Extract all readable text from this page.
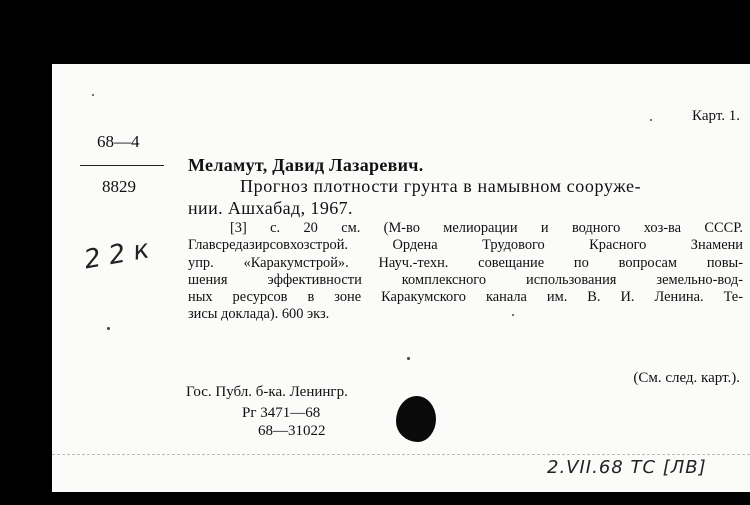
Карт. 1.
68—4
8829
Меламут, Давид Лазаревич.
Прогноз плотности грунта в намывном сооруже-
нии. Ашхабад, 1967.
[3] с. 20 см. (М-во мелиорации и водного хоз-ва СССР.
Главсредазирсовхозстрой. Ордена Трудового Красного Знамени
упр. «Каракумстрой». Науч.-техн. совещание по вопросам повы-
шения эффективности комплексного использования земельно-вод-
ных ресурсов в зоне Каракумского канала им. В. И. Ленина. Те-
зисы доклада). 600 экз.
(См. след. карт.).
Гос. Публ. б-ка. Ленингр.
Рг 3471—68
68—31022
2 2 к
2.VII.68 ТС [ЛВ]
